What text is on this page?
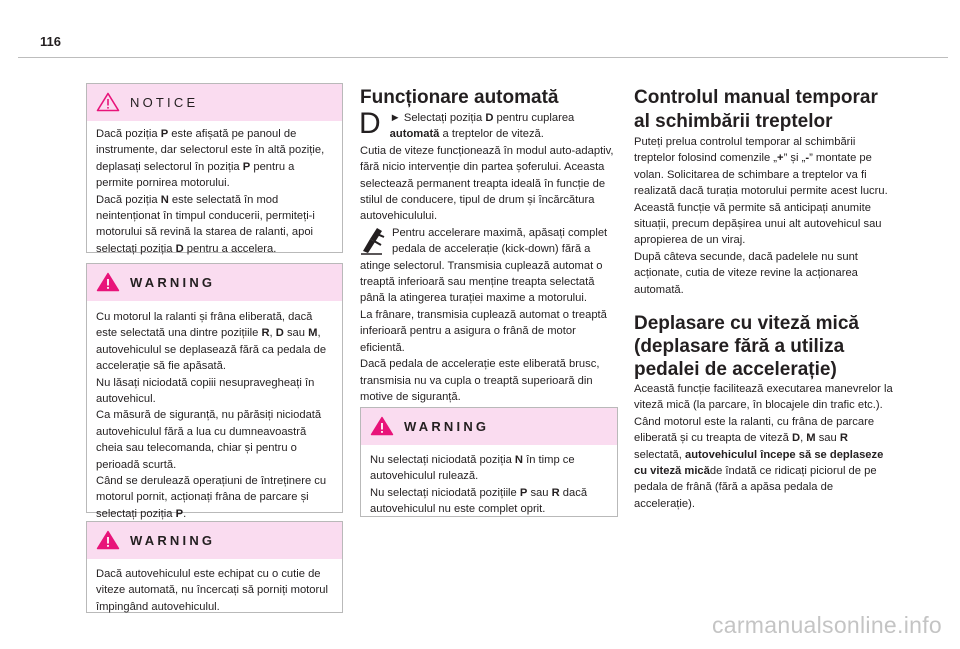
116
NOTICE

Dacă poziția P este afișată pe panoul de instrumente, dar selectorul este în altă poziție, deplasați selectorul în poziția P pentru a permite pornirea motorului.

Dacă poziția N este selectată în mod neintenționat în timpul conducerii, permiteți-i motorului să revină la starea de ralanti, apoi selectați poziția D pentru a accelera.

WARNING

Cu motorul la ralanti și frâna eliberată, dacă este selectată una dintre pozițiile R, D sau M, autovehiculul se deplasează fără ca pedala de accelerație să fie apăsată.

Nu lăsați niciodată copiii nesupravegheați în autovehicul.

Ca măsură de siguranță, nu părăsiți niciodată autovehiculul fără a lua cu dumneavoastră cheia sau telecomanda, chiar și pentru o perioadă scurtă.

Când se derulează operațiuni de întreținere cu motorul pornit, acționați frâna de parcare și selectați poziția P.

WARNING

Dacă autovehiculul este echipat cu o cutie de viteze automată, nu încercați să porniți motorul împingând autovehiculul.

Funcționare automată
D ► Selectați poziția D pentru cuplarea automată a treptelor de viteză.

Cutia de viteze funcționează în modul auto-adaptiv, fără nicio intervenție din partea șoferului. Aceasta selectează permanent treapta ideală în funcție de stilul de conducere, tipul de drum și încărcătura autovehiculului.

Pentru accelerare maximă, apăsați complet pedala de accelerație (kick-down) fără a atinge selectorul. Transmisia cuplează automat o treaptă inferioară sau menține treapta selectată până la atingerea turației maxime a motorului.

La frânare, transmisia cuplează automat o treaptă inferioară pentru a asigura o frână de motor eficientă.

Dacă pedala de accelerație este eliberată brusc, transmisia nu va cupla o treaptă superioară din motive de siguranță.

WARNING

Nu selectați niciodată poziția N în timp ce autovehiculul rulează.

Nu selectați niciodată pozițiile P sau R dacă autovehiculul nu este complet oprit.

Controlul manual temporar
al schimbării treptelor

Puteți prelua controlul temporar al schimbării treptelor folosind comenzile „+” și „-” montate pe volan. Solicitarea de schimbare a treptelor va fi realizată dacă turația motorului permite acest lucru.

Această funcție vă permite să anticipați anumite situații, precum depășirea unui alt autovehicul sau apropierea de un viraj.

După câteva secunde, dacă padelele nu sunt acționate, cutia de viteze revine la acționarea automată.

Deplasare cu viteză mică
(deplasare fără a utiliza
pedalei de accelerație)

Această funcție facilitează executarea manevrelor la viteză mică (la parcare, în blocajele din trafic etc.).

Când motorul este la ralanti, cu frâna de parcare eliberată și cu treapta de viteză D, M sau R selectată, autovehiculul începe să se deplaseze cu viteză micăde îndată ce ridicați piciorul de pe pedala de frână (fără a apăsa pedala de accelerație).

carmanualsonline.info
